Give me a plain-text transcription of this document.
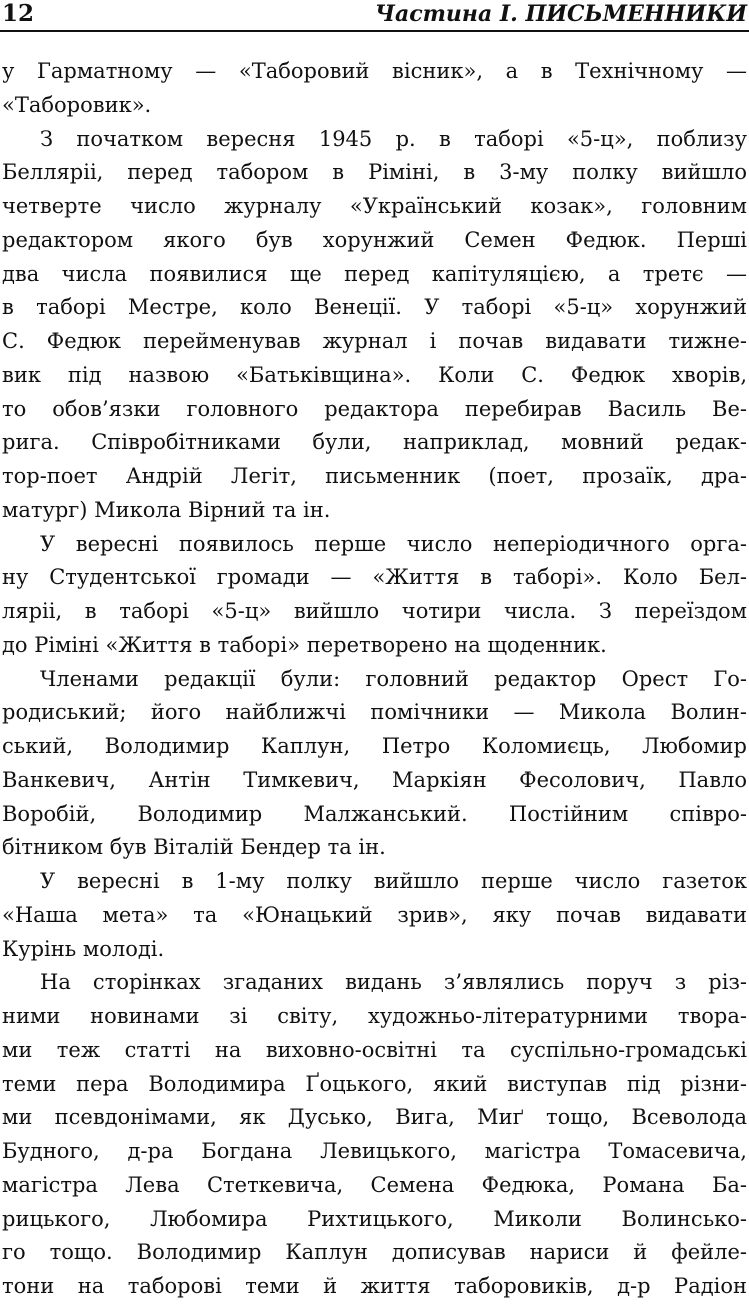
12	Частина I. ПИСЬМЕННИКИ
у Гарматному — «Таборовий вісник», а в Технічному —
«Таборовик».
З початком вересня 1945 р. в таборі «5-ц», поблизу
Белляріі, перед табором в Ріміні, в 3-му полку вийшло
четверте число журналу «Український козак», головним
редактором якого був хорунжий Семен Федюк. Перші
два числа появилися ще перед капітуляцією, а третє —
в таборі Местре, коло Венеції. У таборі «5-ц» хорунжий
С. Федюк перейменував журнал і почав видавати тижне-
вик під назвою «Батьківщина». Коли С. Федюк хворів,
то обов’язки головного редактора перебирав Василь Ве-
рига. Співробітниками були, наприклад, мовний редак-
тор-поет Андрій Легіт, письменник (поет, прозаїк, дра-
матург) Микола Вірний та ін.
У вересні появилось перше число неперіодичного орга-
ну Студентської громади — «Життя в таборі». Коло Бел-
ляріі, в таборі «5-ц» вийшло чотири числа. З переїздом
до Ріміні «Життя в таборі» перетворено на щоденник.
Членами редакції були: головний редактор Орест Го-
родиський; його найближчі помічники — Микола Волин-
ський, Володимир Каплун, Петро Коломиєць, Любомир
Ванкевич, Антін Тимкевич, Маркіян Фесолович, Павло
Воробій, Володимир Малжанський. Постійним співро-
бітником був Віталій Бендер та ін.
У вересні в 1-му полку вийшло перше число газеток
«Наша мета» та «Юнацький зрив», яку почав видавати
Курінь молоді.
На сторінках згаданих видань з’являлись поруч з різ-
ними новинами зі світу, художньо-літературними твора-
ми теж статті на виховно-освітні та суспільно-громадські
теми пера Володимира Ґоцького, який виступав під різни-
ми псевдонімами, як Дусько, Вига, Миґ тощо, Всеволода
Будного, д-ра Богдана Левицького, магістра Томасевича,
магістра Лева Стеткевича, Семена Федюка, Романа Ба-
рицького, Любомира Рихтицького, Миколи Волинсько-
го тощо. Володимир Каплун дописував нариси й фейле-
тони на таборові теми й життя таборовиків, д-р Радіон
